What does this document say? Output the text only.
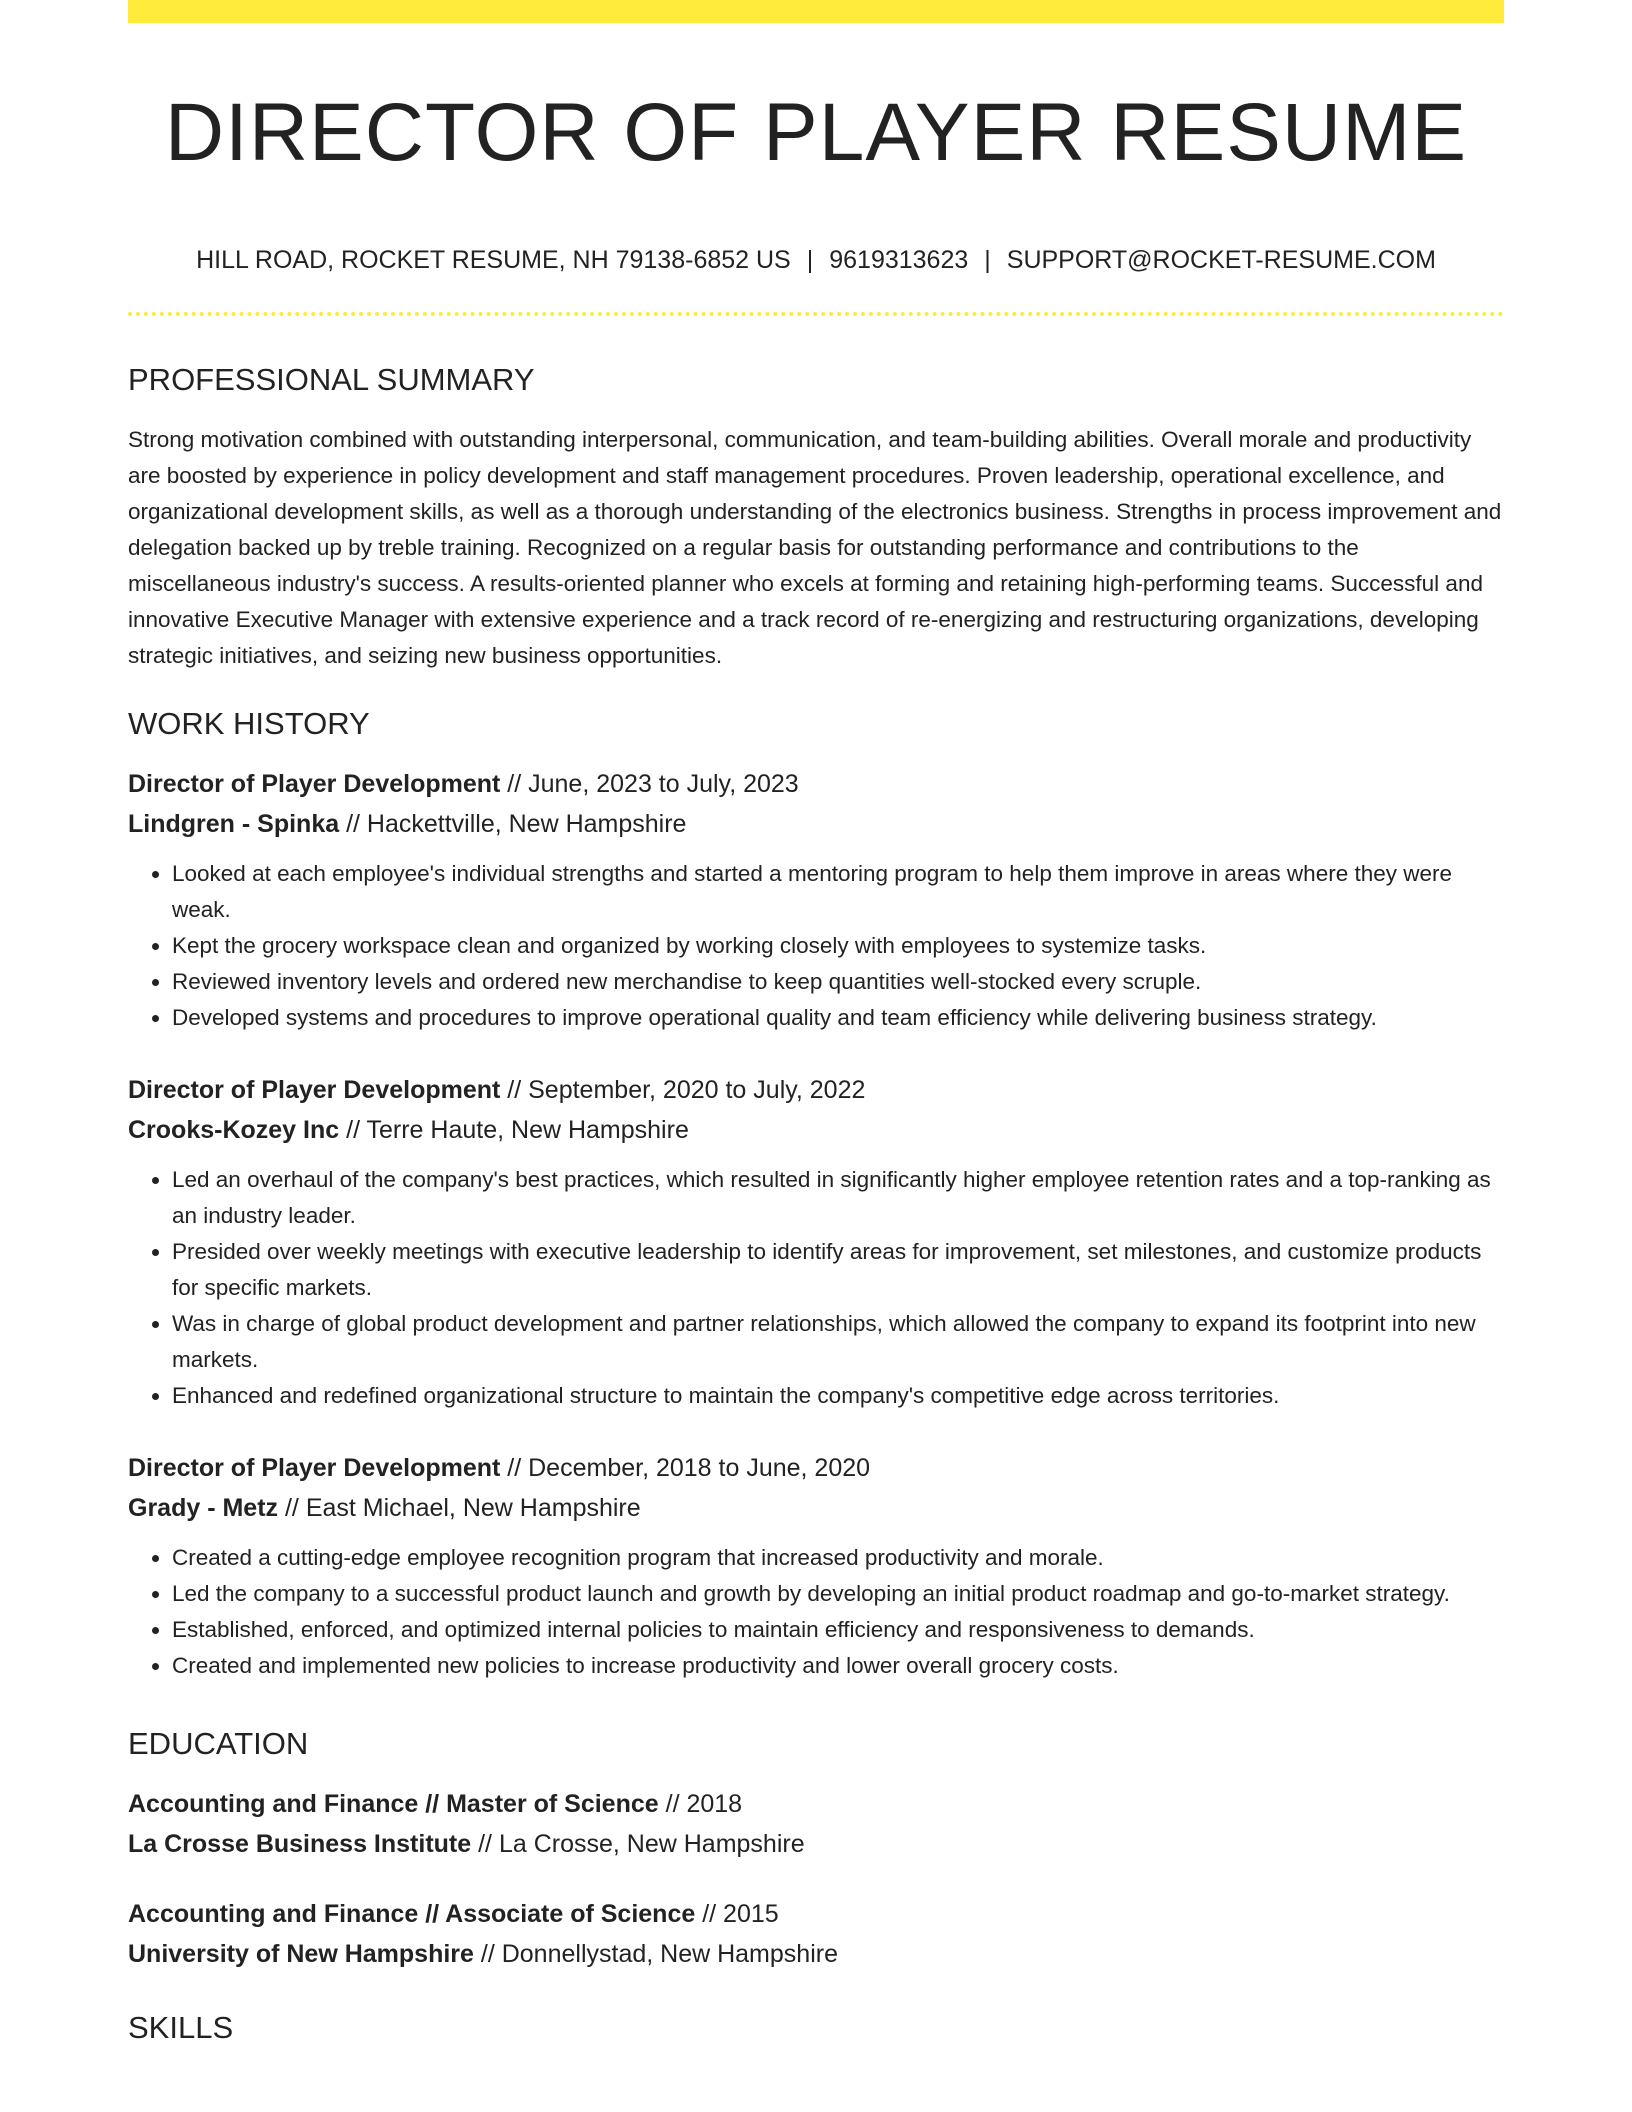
DIRECTOR OF PLAYER RESUME
HILL ROAD, ROCKET RESUME, NH 79138-6852 US | 9619313623 | SUPPORT@ROCKET-RESUME.COM
PROFESSIONAL SUMMARY

Strong motivation combined with outstanding interpersonal, communication, and team-building abilities. Overall morale and productivity are boosted by experience in policy development and staff management procedures. Proven leadership, operational excellence, and organizational development skills, as well as a thorough understanding of the electronics business. Strengths in process improvement and delegation backed up by treble training. Recognized on a regular basis for outstanding performance and contributions to the miscellaneous industry's success. A results-oriented planner who excels at forming and retaining high-performing teams. Successful and innovative Executive Manager with extensive experience and a track record of re-energizing and restructuring organizations, developing strategic initiatives, and seizing new business opportunities.

WORK HISTORY
Director of Player Development // June, 2023 to July, 2023
Lindgren - Spinka // Hackettville, New Hampshire
• Looked at each employee's individual strengths and started a mentoring program to help them improve in areas where they were weak.
• Kept the grocery workspace clean and organized by working closely with employees to systemize tasks.
• Reviewed inventory levels and ordered new merchandise to keep quantities well-stocked every scruple.
• Developed systems and procedures to improve operational quality and team efficiency while delivering business strategy.
Director of Player Development // September, 2020 to July, 2022
Crooks-Kozey Inc // Terre Haute, New Hampshire
• Led an overhaul of the company's best practices, which resulted in significantly higher employee retention rates and a top-ranking as an industry leader.
• Presided over weekly meetings with executive leadership to identify areas for improvement, set milestones, and customize products for specific markets.
• Was in charge of global product development and partner relationships, which allowed the company to expand its footprint into new markets.
• Enhanced and redefined organizational structure to maintain the company's competitive edge across territories.
Director of Player Development // December, 2018 to June, 2020
Grady - Metz // East Michael, New Hampshire
• Created a cutting-edge employee recognition program that increased productivity and morale.
• Led the company to a successful product launch and growth by developing an initial product roadmap and go-to-market strategy.
• Established, enforced, and optimized internal policies to maintain efficiency and responsiveness to demands.
• Created and implemented new policies to increase productivity and lower overall grocery costs.
EDUCATION
Accounting and Finance // Master of Science // 2018
La Crosse Business Institute // La Crosse, New Hampshire
Accounting and Finance // Associate of Science // 2015
University of New Hampshire // Donnellystad, New Hampshire
SKILLS
